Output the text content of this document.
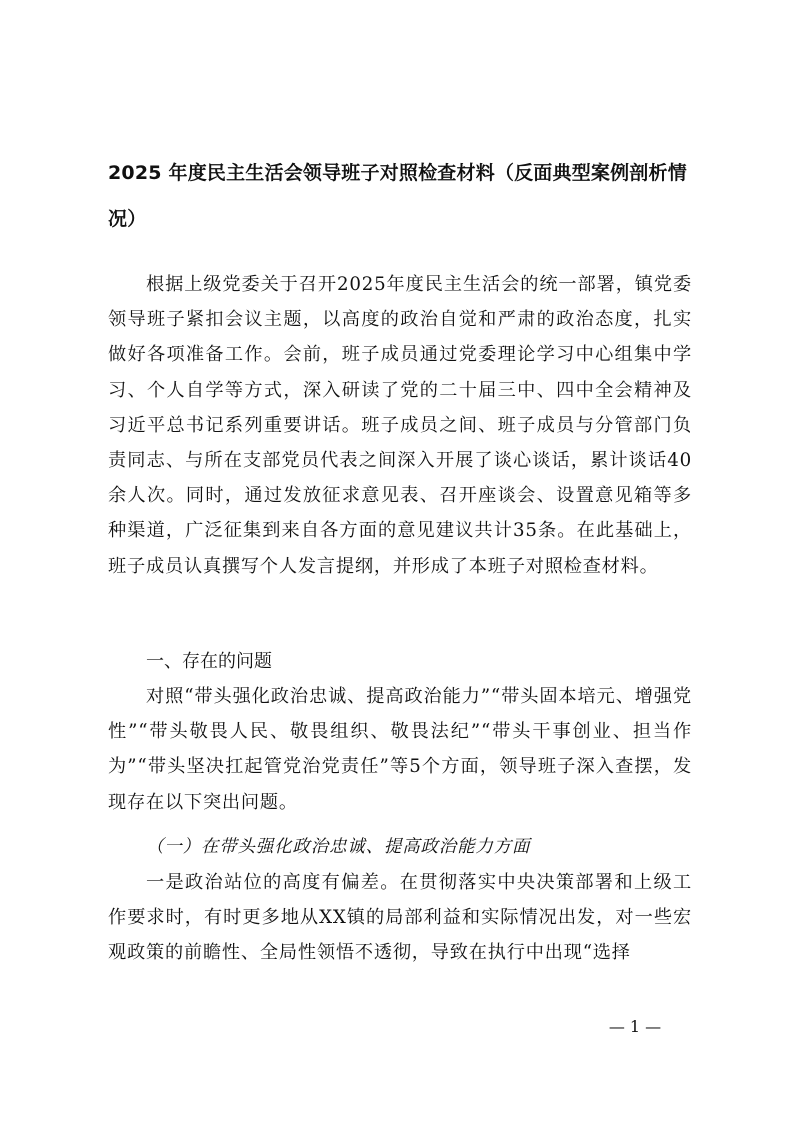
2025 年度民主生活会领导班子对照检查材料（反面典型案例剖析情况）

根据上级党委关于召开2025年度民主生活会的统一部署，镇党委领导班子紧扣会议主题，以高度的政治自觉和严肃的政治态度，扎实做好各项准备工作。会前，班子成员通过党委理论学习中心组集中学习、个人自学等方式，深入研读了党的二十届三中、四中全会精神及习近平总书记系列重要讲话。班子成员之间、班子成员与分管部门负责同志、与所在支部党员代表之间深入开展了谈心谈话，累计谈话40余人次。同时，通过发放征求意见表、召开座谈会、设置意见箱等多种渠道，广泛征集到来自各方面的意见建议共计35条。在此基础上，班子成员认真撰写个人发言提纲，并形成了本班子对照检查材料。

一、存在的问题

对照“带头强化政治忠诚、提高政治能力”“带头固本培元、增强党性”“带头敬畏人民、敬畏组织、敬畏法纪”“带头干事创业、担当作为”“带头坚决扛起管党治党责任”等5个方面，领导班子深入查摆，发现存在以下突出问题。

（一）在带头强化政治忠诚、提高政治能力方面

一是政治站位的高度有偏差。在贯彻落实中央决策部署和上级工作要求时，有时更多地从XX镇的局部利益和实际情况出发，对一些宏观政策的前瞻性、全局性领悟不透彻，导致在执行中出现“选择

— 1 —
